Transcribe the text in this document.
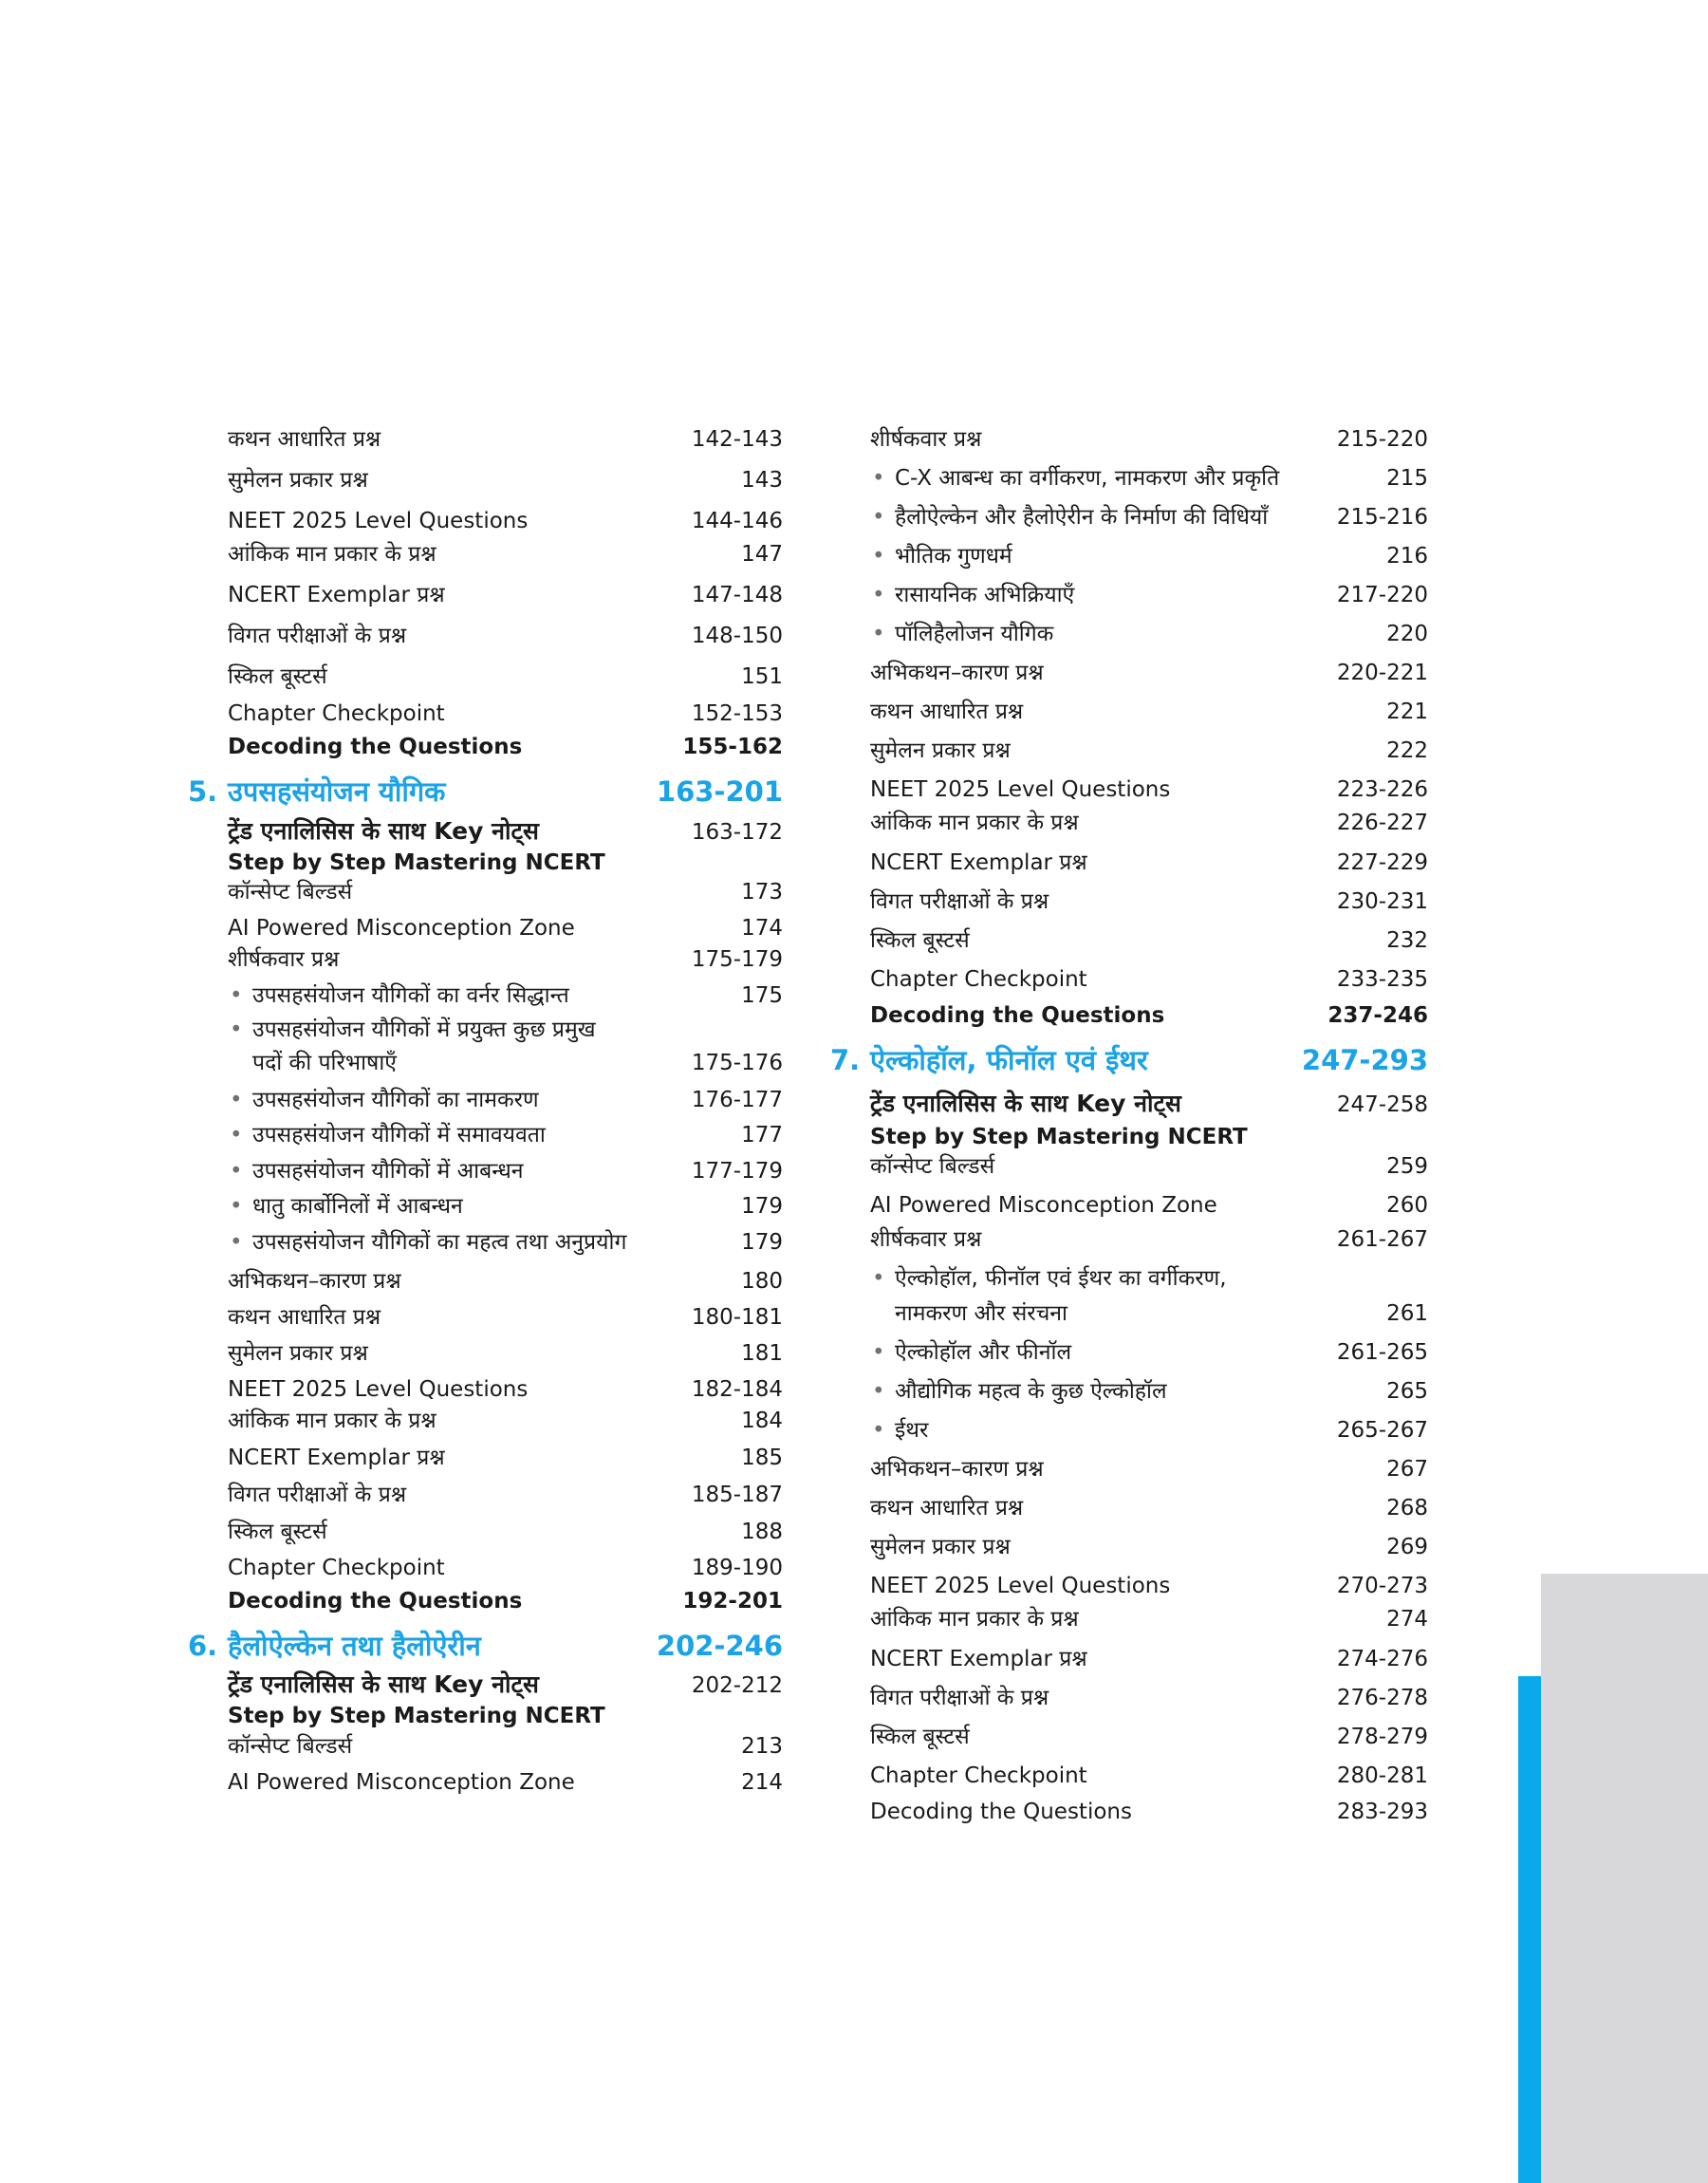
कथन आधारित प्रश्न	142-143
सुमेलन प्रकार प्रश्न	143
NEET 2025 Level Questions	144-146
आंकिक मान प्रकार के प्रश्न	147
NCERT Exemplar प्रश्न	147-148
विगत परीक्षाओं के प्रश्न	148-150
स्किल बूस्टर्स	151
Chapter Checkpoint	152-153
Decoding the Questions	155-162
5. उपसहसंयोजन यौगिक	163-201
ट्रेंड एनालिसिस के साथ Key नोट्स	163-172
Step by Step Mastering NCERT
कॉन्सेप्ट बिल्डर्स	173
AI Powered Misconception Zone	174
शीर्षकवार प्रश्न	175-179
• उपसहसंयोजन यौगिकों का वर्नर सिद्धान्त	175
• उपसहसंयोजन यौगिकों में प्रयुक्त कुछ प्रमुख
पदों की परिभाषाएँ	175-176
• उपसहसंयोजन यौगिकों का नामकरण	176-177
• उपसहसंयोजन यौगिकों में समावयवता	177
• उपसहसंयोजन यौगिकों में आबन्धन	177-179
• धातु कार्बोनिलों में आबन्धन	179
• उपसहसंयोजन यौगिकों का महत्व तथा अनुप्रयोग	179
अभिकथन–कारण प्रश्न	180
कथन आधारित प्रश्न	180-181
सुमेलन प्रकार प्रश्न	181
NEET 2025 Level Questions	182-184
आंकिक मान प्रकार के प्रश्न	184
NCERT Exemplar प्रश्न	185
विगत परीक्षाओं के प्रश्न	185-187
स्किल बूस्टर्स	188
Chapter Checkpoint	189-190
Decoding the Questions	192-201
6. हैलोऐल्केन तथा हैलोऐरीन	202-246
ट्रेंड एनालिसिस के साथ Key नोट्स	202-212
Step by Step Mastering NCERT
कॉन्सेप्ट बिल्डर्स	213
AI Powered Misconception Zone	214
शीर्षकवार प्रश्न	215-220
• C-X आबन्ध का वर्गीकरण, नामकरण और प्रकृति	215
• हैलोऐल्केन और हैलोऐरीन के निर्माण की विधियाँ	215-216
• भौतिक गुणधर्म	216
• रासायनिक अभिक्रियाएँ	217-220
• पॉलिहैलोजन यौगिक	220
अभिकथन–कारण प्रश्न	220-221
कथन आधारित प्रश्न	221
सुमेलन प्रकार प्रश्न	222
NEET 2025 Level Questions	223-226
आंकिक मान प्रकार के प्रश्न	226-227
NCERT Exemplar प्रश्न	227-229
विगत परीक्षाओं के प्रश्न	230-231
स्किल बूस्टर्स	232
Chapter Checkpoint	233-235
Decoding the Questions	237-246
7. ऐल्कोहॉल, फीनॉल एवं ईथर	247-293
ट्रेंड एनालिसिस के साथ Key नोट्स	247-258
Step by Step Mastering NCERT
कॉन्सेप्ट बिल्डर्स	259
AI Powered Misconception Zone	260
शीर्षकवार प्रश्न	261-267
• ऐल्कोहॉल, फीनॉल एवं ईथर का वर्गीकरण,
नामकरण और संरचना	261
• ऐल्कोहॉल और फीनॉल	261-265
• औद्योगिक महत्व के कुछ ऐल्कोहॉल	265
• ईथर	265-267
अभिकथन–कारण प्रश्न	267
कथन आधारित प्रश्न	268
सुमेलन प्रकार प्रश्न	269
NEET 2025 Level Questions	270-273
आंकिक मान प्रकार के प्रश्न	274
NCERT Exemplar प्रश्न	274-276
विगत परीक्षाओं के प्रश्न	276-278
स्किल बूस्टर्स	278-279
Chapter Checkpoint	280-281
Decoding the Questions	283-293
